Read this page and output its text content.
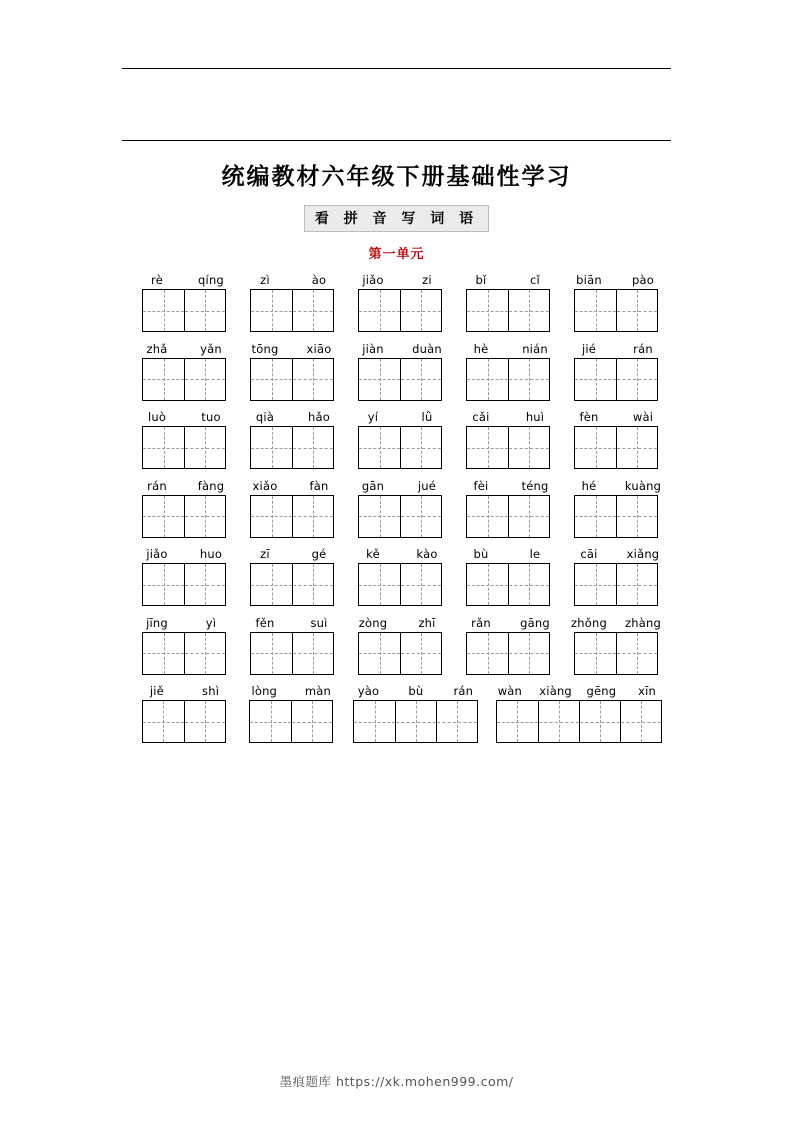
统编教材六年级下册基础性学习
看 拼 音 写 词 语
第一单元
rè	qíng	zì	ào	jiǎo	zi	bǐ	cǐ	biān	pào
zhǎ	yǎn	tōng	xiāo	jiàn	duàn	hè	nián	jié	rán
luò	tuo	qià	hǎo	yí	lǜ	cǎi	huì	fèn	wài
rán	fàng	xiǎo	fàn	gān	jué	fèi	téng	hé	kuàng
jiǎo	huo	zī	gé	kě	kào	bù	le	cāi	xiǎng
jīng	yì	fěn	suì	zòng	zhī	rǎn	gāng	zhǒng	zhàng
jiě	shì	lòng	màn	yào	bù	rán	wàn	xiàng	gēng	xīn
墨痕题库 https://xk.mohen999.com/
